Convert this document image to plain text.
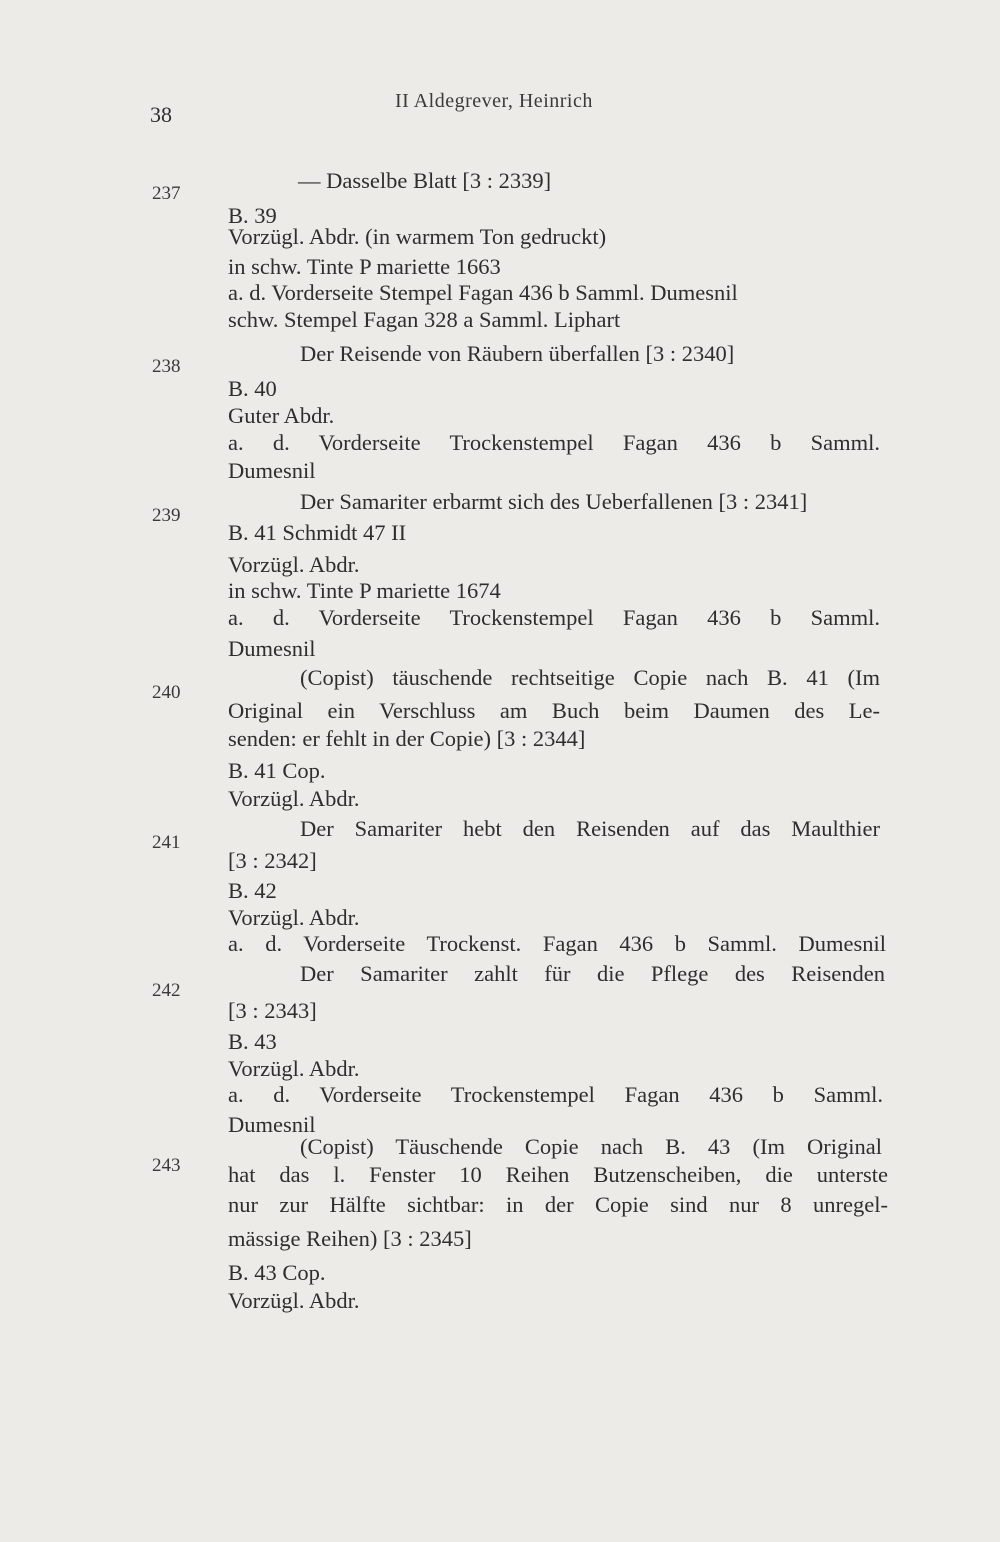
38
II Aldegrever, Heinrich
237
— Dasselbe Blatt [3 : 2339]
B. 39
Vorzügl. Abdr. (in warmem Ton gedruckt)
in schw. Tinte P mariette 1663
a. d. Vorderseite Stempel Fagan 436 b Samml. Dumesnil
schw. Stempel Fagan 328 a Samml. Liphart
238
Der Reisende von Räubern überfallen [3 : 2340]
B. 40
Guter Abdr.
a. d. Vorderseite Trockenstempel Fagan 436 b Samml.
Dumesnil
239
Der Samariter erbarmt sich des Ueberfallenen [3 : 2341]
B. 41 Schmidt 47 II
Vorzügl. Abdr.
in schw. Tinte P mariette 1674
a. d. Vorderseite Trockenstempel Fagan 436 b Samml.
Dumesnil
240
(Copist) täuschende rechtseitige Copie nach B. 41 (Im
Original ein Verschluss am Buch beim Daumen des Le-
senden: er fehlt in der Copie) [3 : 2344]
B. 41 Cop.
Vorzügl. Abdr.
241
Der Samariter hebt den Reisenden auf das Maulthier
[3 : 2342]
B. 42
Vorzügl. Abdr.
a. d. Vorderseite Trockenst. Fagan 436 b Samml. Dumesnil
242
Der Samariter zahlt für die Pflege des Reisenden
[3 : 2343]
B. 43
Vorzügl. Abdr.
a. d. Vorderseite Trockenstempel Fagan 436 b Samml.
Dumesnil
243
(Copist) Täuschende Copie nach B. 43 (Im Original
hat das l. Fenster 10 Reihen Butzenscheiben, die unterste
nur zur Hälfte sichtbar: in der Copie sind nur 8 unregel-
mässige Reihen) [3 : 2345]
B. 43 Cop.
Vorzügl. Abdr.
